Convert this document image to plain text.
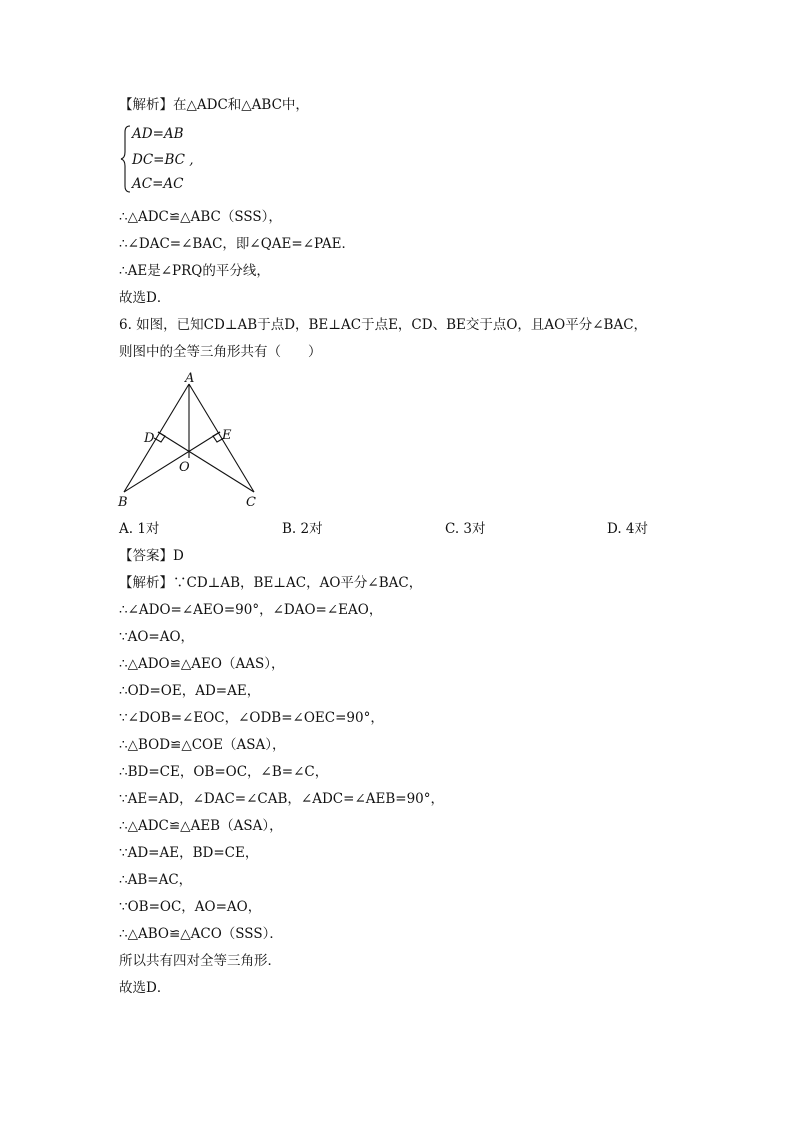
【解析】在△ADC和△ABC中，
∴△ADC≌△ABC（SSS），
∴∠DAC=∠BAC，即∠QAE=∠PAE．
∴AE是∠PRQ的平分线，
故选D．
6. 如图，已知CD⊥AB于点D，BE⊥AC于点E，CD、BE交于点O，且AO平分∠BAC，
则图中的全等三角形共有（　　）
【答案】D
【解析】∵CD⊥AB，BE⊥AC，AO平分∠BAC，
∴∠ADO=∠AEO=90°，∠DAO=∠EAO，
∵AO=AO，
∴△ADO≌△AEO（AAS），
∴OD=OE，AD=AE，
∵∠DOB=∠EOC，∠ODB=∠OEC=90°，
∴△BOD≌△COE（ASA），
∴BD=CE，OB=OC，∠B=∠C，
∵AE=AD，∠DAC=∠CAB，∠ADC=∠AEB=90°，
∴△ADC≌△AEB（ASA），
∵AD=AE，BD=CE，
∴AB=AC，
∵OB=OC，AO=AO，
∴△ABO≌△ACO（SSS）．
所以共有四对全等三角形．
故选D．
AD=AB
DC=BC ,
AC=AC
A
B	C
D	E
O
A. 1对	B. 2对	C. 3对	D. 4对
